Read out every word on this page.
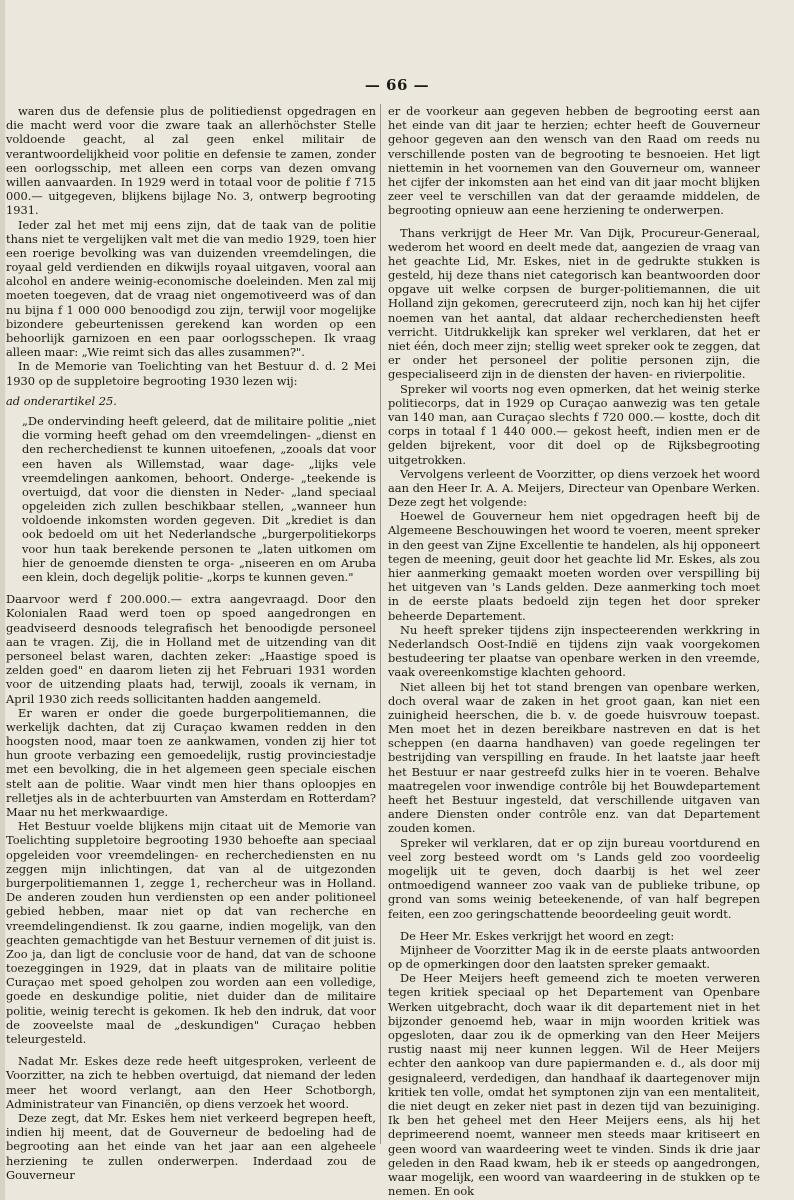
— 66 —

waren dus de defensie plus de politiedienst opgedragen en die macht werd voor die zware taak an allerhöchster Stelle voldoende geacht, al zal geen enkel militair de verantwoordelijkheid voor politie en defensie te zamen, zonder een oorlogsschip, met alleen een corps van dezen omvang willen aanvaarden. In 1929 werd in totaal voor de politie f 715 000.— uitgegeven, blijkens bijlage No. 3, ontwerp begrooting 1931.

Ieder zal het met mij eens zijn, dat de taak van de politie thans niet te vergelijken valt met die van medio 1929, toen hier een roerige bevolking was van duizenden vreemdelingen, die royaal geld verdienden en dikwijls royaal uitgaven, vooral aan alcohol en andere weinig-economische doeleinden. Men zal mij moeten toegeven, dat de vraag niet ongemotiveerd was of dan nu bijna f 1 000 000 benoodigd zou zijn, terwijl voor mogelijke bizondere gebeurtenissen gerekend kan worden op een behoorlijk garnizoen en een paar oorlogsschepen. Ik vraag alleen maar: „Wie reimt sich das alles zusammen?".

In de Memorie van Toelichting van het Bestuur d. d. 2 Mei 1930 op de suppletoire begrooting 1930 lezen wij:

ad onderartikel 25.

„De ondervinding heeft geleerd, dat de militaire politie „niet die vorming heeft gehad om den vreemdelingen- „dienst en den recherchedienst te kunnen uitoefenen, „zooals dat voor een haven als Willemstad, waar dage- „lijks vele vreemdelingen aankomen, behoort. Onderge- „teekende is overtuigd, dat voor die diensten in Neder- „land speciaal opgeleiden zich zullen beschikbaar stellen, „wanneer hun voldoende inkomsten worden gegeven. Dit „krediet is dan ook bedoeld om uit het Nederlandsche „burgerpolitiekorps voor hun taak berekende personen te „laten uitkomen om hier de genoemde diensten te orga- „niseeren en om Aruba een klein, doch degelijk politie- „korps te kunnen geven."

Daarvoor werd f 200.000.— extra aangevraagd. Door den Kolonialen Raad werd toen op spoed aangedrongen en geadviseerd desnoods telegrafisch het benoodigde personeel aan te vragen. Zij, die in Holland met de uitzending van dit personeel belast waren, dachten zeker: „Haastige spoed is zelden goed" en daarom lieten zij het Februari 1931 worden voor de uitzending plaats had, terwijl, zooals ik vernam, in April 1930 zich reeds sollicitanten hadden aangemeld.

Er waren er onder die goede burgerpolitiemannen, die werkelijk dachten, dat zij Curaçao kwamen redden in den hoogsten nood, maar toen ze aankwamen, vonden zij hier tot hun groote verbazing een gemoedelijk, rustig provinciestadje met een bevolking, die in het algemeen geen speciale eischen stelt aan de politie. Waar vindt men hier thans oploopjes en relletjes als in de achterbuurten van Amsterdam en Rotterdam? Maar nu het merkwaardige.

Het Bestuur voelde blijkens mijn citaat uit de Memorie van Toelichting suppletoire begrooting 1930 behoefte aan speciaal opgeleiden voor vreemdelingen- en recherchediensten en nu zeggen mijn inlichtingen, dat van al de uitgezonden burgerpolitiemannen 1, zegge 1, rechercheur was in Holland. De anderen zouden hun verdiensten op een ander politioneel gebied hebben, maar niet op dat van recherche en vreemdelingendienst. Ik zou gaarne, indien mogelijk, van den geachten gemachtigde van het Bestuur vernemen of dit juist is. Zoo ja, dan ligt de conclusie voor de hand, dat van de schoone toezeggingen in 1929, dat in plaats van de militaire politie Curaçao met spoed geholpen zou worden aan een volledige, goede en deskundige politie, niet duider dan de militaire politie, weinig terecht is gekomen. Ik heb den indruk, dat voor de zooveelste maal de „deskundigen" Curaçao hebben teleurgesteld.

Nadat Mr. Eskes deze rede heeft uitgesproken, verleent de Voorzitter, na zich te hebben overtuigd, dat niemand der leden meer het woord verlangt, aan den Heer Schotborgh, Administrateur van Financiën, op diens verzoek het woord.

Deze zegt, dat Mr. Eskes hem niet verkeerd begrepen heeft, indien hij meent, dat de Gouverneur de bedoeling had de begrooting aan het einde van het jaar aan een algeheele herziening te zullen onderwerpen. Inderdaad zou de Gouverneur

er de voorkeur aan gegeven hebben de begrooting eerst aan het einde van dit jaar te herzien; echter heeft de Gouverneur gehoor gegeven aan den wensch van den Raad om reeds nu verschillende posten van de begrooting te besnoeien. Het ligt niettemin in het voornemen van den Gouverneur om, wanneer het cijfer der inkomsten aan het eind van dit jaar mocht blijken zeer veel te verschillen van dat der geraamde middelen, de begrooting opnieuw aan eene herziening te onderwerpen.

Thans verkrijgt de Heer Mr. Van Dijk, Procureur-Generaal, wederom het woord en deelt mede dat, aangezien de vraag van het geachte Lid, Mr. Eskes, niet in de gedrukte stukken is gesteld, hij deze thans niet categorisch kan beantwoorden door opgave uit welke corpsen de burger-politiemannen, die uit Holland zijn gekomen, gerecruteerd zijn, noch kan hij het cijfer noemen van het aantal, dat aldaar recherchediensten heeft verricht. Uitdrukkelijk kan spreker wel verklaren, dat het er niet één, doch meer zijn; stellig weet spreker ook te zeggen, dat er onder het personeel der politie personen zijn, die gespecialiseerd zijn in de diensten der haven- en rivierpolitie.

Spreker wil voorts nog even opmerken, dat het weinig sterke politiecorps, dat in 1929 op Curaçao aanwezig was ten getale van 140 man, aan Curaçao slechts f 720 000.— kostte, doch dit corps in totaal f 1 440 000.— gekost heeft, indien men er de gelden bijrekent, voor dit doel op de Rijksbegrooting uitgetrokken.

Vervolgens verleent de Voorzitter, op diens verzoek het woord aan den Heer Ir. A. A. Meijers, Directeur van Openbare Werken. Deze zegt het volgende:

Hoewel de Gouverneur hem niet opgedragen heeft bij de Algemeene Beschouwingen het woord te voeren, meent spreker in den geest van Zijne Excellentie te handelen, als hij opponeert tegen de meening, geuit door het geachte lid Mr. Eskes, als zou hier aanmerking gemaakt moeten worden over verspilling bij het uitgeven van 's Lands gelden. Deze aanmerking toch moet in de eerste plaats bedoeld zijn tegen het door spreker beheerde Departement.

Nu heeft spreker tijdens zijn inspecteerenden werkkring in Nederlandsch Oost-Indië en tijdens zijn vaak voorgekomen bestudeering ter plaatse van openbare werken in den vreemde, vaak overeenkomstige klachten gehoord.

Niet alleen bij het tot stand brengen van openbare werken, doch overal waar de zaken in het groot gaan, kan niet een zuinigheid heerschen, die b. v. de goede huisvrouw toepast. Men moet het in dezen bereikbare nastreven en dat is het scheppen (en daarna handhaven) van goede regelingen ter bestrijding van verspilling en fraude. In het laatste jaar heeft het Bestuur er naar gestreefd zulks hier in te voeren. Behalve maatregelen voor inwendige contrôle bij het Bouwdepartement heeft het Bestuur ingesteld, dat verschillende uitgaven van andere Diensten onder contrôle enz. van dat Departement zouden komen.

Spreker wil verklaren, dat er op zijn bureau voortdurend en veel zorg besteed wordt om 's Lands geld zoo voordeelig mogelijk uit te geven, doch daarbij is het wel zeer ontmoedigend wanneer zoo vaak van de publieke tribune, op grond van soms weinig beteekenende, of van half begrepen feiten, een zoo geringschattende beoordeeling geuit wordt.

De Heer Mr. Eskes verkrijgt het woord en zegt:

Mijnheer de Voorzitter Mag ik in de eerste plaats antwoorden op de opmerkingen door den laatsten spreker gemaakt.

De Heer Meijers heeft gemeend zich te moeten verweren tegen kritiek speciaal op het Departement van Openbare Werken uitgebracht, doch waar ik dit departement niet in het bijzonder genoemd heb, waar in mijn woorden kritiek was opgesloten, daar zou ik de opmerking van den Heer Meijers rustig naast mij neer kunnen leggen. Wil de Heer Meijers echter den aankoop van dure papiermanden e. d., als door mij gesignaleerd, verdedigen, dan handhaaf ik daartegenover mijn kritiek ten volle, omdat het symptonen zijn van een mentaliteit, die niet deugt en zeker niet past in dezen tijd van bezuiniging. Ik ben het geheel met den Heer Meijers eens, als hij het deprimeerend noemt, wanneer men steeds maar kritiseert en geen woord van waardeering weet te vinden. Sinds ik drie jaar geleden in den Raad kwam, heb ik er steeds op aangedrongen, waar mogelijk, een woord van waardeering in de stukken op te nemen. En ook
